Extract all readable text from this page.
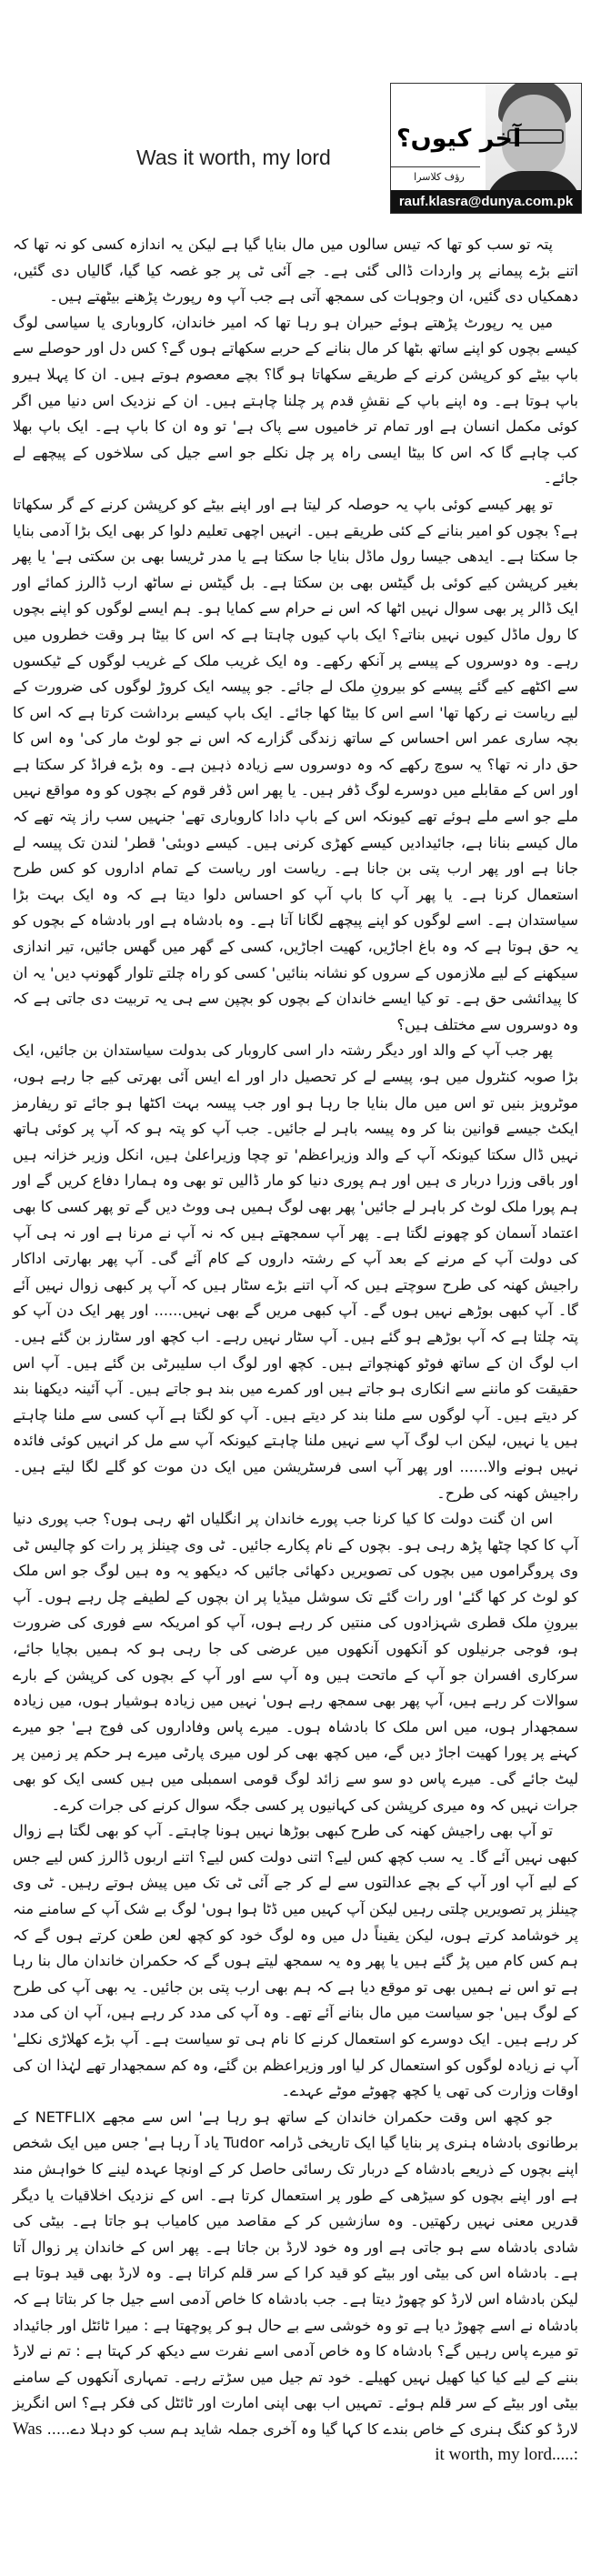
Was it worth, my lord
آخر کیوں؟
رؤف کلاسرا
rauf.klasra@dunya.com.pk

پتہ تو سب کو تھا کہ تیس سالوں میں مال بنایا گیا ہے لیکن یہ اندازہ کسی کو نہ تھا کہ اتنے بڑے پیمانے پر واردات ڈالی گئی ہے۔ جے آئی ٹی پر جو غصہ کیا گیا، گالیاں دی گئیں، دھمکیاں دی گئیں، ان وجوہات کی سمجھ آتی ہے جب آپ وہ رپورٹ پڑھنے بیٹھتے ہیں۔

میں یہ رپورٹ پڑھتے ہوئے حیران ہو رہا تھا کہ امیر خاندان، کاروباری یا سیاسی لوگ کیسے بچوں کو اپنے ساتھ بٹھا کر مال بنانے کے حربے سکھاتے ہوں گے؟ کس دل اور حوصلے سے باپ بیٹے کو کرپشن کرنے کے طریقے سکھاتا ہو گا؟ بچے معصوم ہوتے ہیں۔ ان کا پہلا ہیرو باپ ہوتا ہے۔ وہ اپنے باپ کے نقشِ قدم پر چلنا چاہتے ہیں۔ ان کے نزدیک اس دنیا میں اگر کوئی مکمل انسان ہے اور تمام تر خامیوں سے پاک ہے' تو وہ ان کا باپ ہے۔ ایک باپ بھلا کب چاہے گا کہ اس کا بیٹا ایسی راہ پر چل نکلے جو اسے جیل کی سلاخوں کے پیچھے لے جائے۔

تو پھر کیسے کوئی باپ یہ حوصلہ کر لیتا ہے اور اپنے بیٹے کو کرپشن کرنے کے گر سکھاتا ہے؟ بچوں کو امیر بنانے کے کئی طریقے ہیں۔ انہیں اچھی تعلیم دلوا کر بھی ایک بڑا آدمی بنایا جا سکتا ہے۔ ایدھی جیسا رول ماڈل بنایا جا سکتا ہے یا مدر ٹریسا بھی بن سکتی ہے' یا پھر بغیر کرپشن کیے کوئی بل گیٹس بھی بن سکتا ہے۔ بل گیٹس نے ساٹھ ارب ڈالرز کمائے اور ایک ڈالر پر بھی سوال نہیں اٹھا کہ اس نے حرام سے کمایا ہو۔ ہم ایسے لوگوں کو اپنے بچوں کا رول ماڈل کیوں نہیں بناتے؟ ایک باپ کیوں چاہتا ہے کہ اس کا بیٹا ہر وقت خطروں میں رہے۔ وہ دوسروں کے پیسے پر آنکھ رکھے۔ وہ ایک غریب ملک کے غریب لوگوں کے ٹیکسوں سے اکٹھے کیے گئے پیسے کو بیرونِ ملک لے جائے۔ جو پیسہ ایک کروڑ لوگوں کی ضرورت کے لیے ریاست نے رکھا تھا' اسے اس کا بیٹا کھا جائے۔ ایک باپ کیسے برداشت کرتا ہے کہ اس کا بچہ ساری عمر اس احساس کے ساتھ زندگی گزارے کہ اس نے جو لوٹ مار کی' وہ اس کا حق دار نہ تھا؟ یہ سوچ رکھے کہ وہ دوسروں سے زیادہ ذہین ہے۔ وہ بڑے فراڈ کر سکتا ہے اور اس کے مقابلے میں دوسرے لوگ ڈفر ہیں۔ یا پھر اس ڈفر قوم کے بچوں کو وہ مواقع نہیں ملے جو اسے ملے ہوئے تھے کیونکہ اس کے باپ دادا کاروباری تھے' جنہیں سب راز پتہ تھے کہ مال کیسے بنانا ہے، جائیدادیں کیسے کھڑی کرنی ہیں۔ کیسے دوبئی' قطر' لندن تک پیسہ لے جانا ہے اور پھر ارب پتی بن جانا ہے۔ ریاست اور ریاست کے تمام اداروں کو کس طرح استعمال کرنا ہے۔ یا پھر آپ کا باپ آپ کو احساس دلوا دیتا ہے کہ وہ ایک بہت بڑا سیاستدان ہے۔ اسے لوگوں کو اپنے پیچھے لگانا آتا ہے۔ وہ بادشاہ ہے اور بادشاہ کے بچوں کو یہ حق ہوتا ہے کہ وہ باغ اجاڑیں، کھیت اجاڑیں، کسی کے گھر میں گھس جائیں، تیر اندازی سیکھنے کے لیے ملازموں کے سروں کو نشانہ بنائیں' کسی کو راہ چلتے تلوار گھونپ دیں' یہ ان کا پیدائشی حق ہے۔ تو کیا ایسے خاندان کے بچوں کو بچپن سے ہی یہ تربیت دی جاتی ہے کہ وہ دوسروں سے مختلف ہیں؟

پھر جب آپ کے والد اور دیگر رشتہ دار اسی کاروبار کی بدولت سیاستدان بن جائیں، ایک بڑا صوبہ کنٹرول میں ہو، پیسے لے کر تحصیل دار اور اے ایس آئی بھرتی کیے جا رہے ہوں، موٹرویز بنیں تو اس میں مال بنایا جا رہا ہو اور جب پیسہ بہت اکٹھا ہو جائے تو ریفارمز ایکٹ جیسے قوانین بنا کر وہ پیسہ باہر لے جائیں۔ جب آپ کو پتہ ہو کہ آپ پر کوئی ہاتھ نہیں ڈال سکتا کیونکہ آپ کے والد وزیراعظم' تو چچا وزیراعلیٰ ہیں، انکل وزیر خزانہ ہیں اور باقی وزرا دربار ی ہیں اور ہم پوری دنیا کو مار ڈالیں تو بھی وہ ہمارا دفاع کریں گے اور ہم پورا ملک لوٹ کر باہر لے جائیں' پھر بھی لوگ ہمیں ہی ووٹ دیں گے تو پھر کسی کا بھی اعتماد آسمان کو چھونے لگتا ہے۔ پھر آپ سمجھتے ہیں کہ نہ آپ نے مرنا ہے اور نہ ہی آپ کی دولت آپ کے مرنے کے بعد آپ کے رشتہ داروں کے کام آئے گی۔ آپ پھر بھارتی اداکار راجیش کھنہ کی طرح سوچتے ہیں کہ آپ اتنے بڑے سٹار ہیں کہ آپ پر کبھی زوال نہیں آئے گا۔ آپ کبھی بوڑھے نہیں ہوں گے۔ آپ کبھی مریں گے بھی نہیں...... اور پھر ایک دن آپ کو پتہ چلتا ہے کہ آپ بوڑھے ہو گئے ہیں۔ آپ سٹار نہیں رہے۔ اب کچھ اور سٹارز بن گئے ہیں۔ اب لوگ ان کے ساتھ فوٹو کھنچواتے ہیں۔ کچھ اور لوگ اب سلیبرٹی بن گئے ہیں۔ آپ اس حقیقت کو ماننے سے انکاری ہو جاتے ہیں اور کمرے میں بند ہو جاتے ہیں۔ آپ آئینہ دیکھنا بند کر دیتے ہیں۔ آپ لوگوں سے ملنا بند کر دیتے ہیں۔ آپ کو لگتا ہے آپ کسی سے ملنا چاہتے ہیں یا نہیں، لیکن اب لوگ آپ سے نہیں ملنا چاہتے کیونکہ آپ سے مل کر انہیں کوئی فائدہ نہیں ہونے والا...... اور پھر آپ اسی فرسٹریشن میں ایک دن موت کو گلے لگا لیتے ہیں۔ راجیش کھنہ کی طرح۔

اس ان گنت دولت کا کیا کرنا جب پورے خاندان پر انگلیاں اٹھ رہی ہوں؟ جب پوری دنیا آپ کا کچا چٹھا پڑھ رہی ہو۔ بچوں کے نام پکارے جائیں۔ ٹی وی چینلز پر رات کو چالیس ٹی وی پروگراموں میں بچوں کی تصویریں دکھائی جائیں کہ دیکھو یہ وہ ہیں لوگ جو اس ملک کو لوٹ کر کھا گئے' اور رات گئے تک سوشل میڈیا پر ان بچوں کے لطیفے چل رہے ہوں۔ آپ بیرونِ ملک قطری شہزادوں کی منتیں کر رہے ہوں، آپ کو امریکہ سے فوری کی ضرورت ہو، فوجی جرنیلوں کو آنکھوں آنکھوں میں عرضی کی جا رہی ہو کہ ہمیں بچایا جائے، سرکاری افسران جو آپ کے ماتحت ہیں وہ آپ سے اور آپ کے بچوں کی کرپشن کے بارے سوالات کر رہے ہیں، آپ پھر بھی سمجھ رہے ہوں' نہیں میں زیادہ ہوشیار ہوں، میں زیادہ سمجھدار ہوں، میں اس ملک کا بادشاہ ہوں۔ میرے پاس وفاداروں کی فوج ہے' جو میرے کہنے پر پورا کھیت اجاڑ دیں گے، میں کچھ بھی کر لوں میری پارٹی میرے ہر حکم پر زمین پر لیٹ جائے گی۔ میرے پاس دو سو سے زائد لوگ قومی اسمبلی میں ہیں کسی ایک کو بھی جرات نہیں کہ وہ میری کرپشن کی کہانیوں پر کسی جگہ سوال کرنے کی جرات کرے۔

تو آپ بھی راجیش کھنہ کی طرح کبھی بوڑھا نہیں ہونا چاہتے۔ آپ کو بھی لگتا ہے زوال کبھی نہیں آئے گا۔ یہ سب کچھ کس لیے؟ اتنی دولت کس لیے؟ اتنے اربوں ڈالرز کس لیے جس کے لیے آپ اور آپ کے بچے عدالتوں سے لے کر جے آئی ٹی تک میں پیش ہوتے رہیں۔ ٹی وی چینلز پر تصویریں چلتی رہیں لیکن آپ کہیں میں ڈٹا ہوا ہوں' لوگ بے شک آپ کے سامنے منہ پر خوشامد کرتے ہوں، لیکن یقیناً دل میں وہ لوگ خود کو کچھ لعن طعن کرتے ہوں گے کہ ہم کس کام میں پڑ گئے ہیں یا پھر وہ یہ سمجھ لیتے ہوں گے کہ حکمران خاندان مال بنا رہا ہے تو اس نے ہمیں بھی تو موقع دیا ہے کہ ہم بھی ارب پتی بن جائیں۔ یہ بھی آپ کی طرح کے لوگ ہیں' جو سیاست میں مال بنانے آئے تھے۔ وہ آپ کی مدد کر رہے ہیں، آپ ان کی مدد کر رہے ہیں۔ ایک دوسرے کو استعمال کرنے کا نام ہی تو سیاست ہے۔ آپ بڑے کھلاڑی نکلے' آپ نے زیادہ لوگوں کو استعمال کر لیا اور وزیراعظم بن گئے، وہ کم سمجھدار تھے لہٰذا ان کی اوقات وزارت کی تھی یا کچھ چھوٹے موٹے عہدے۔

جو کچھ اس وقت حکمران خاندان کے ساتھ ہو رہا ہے' اس سے مجھے NETFLIX کے برطانوی بادشاہ ہنری پر بنایا گیا ایک تاریخی ڈرامہ Tudor یاد آ رہا ہے' جس میں ایک شخص اپنے بچوں کے ذریعے بادشاہ کے دربار تک رسائی حاصل کر کے اونچا عہدہ لینے کا خواہش مند ہے اور اپنے بچوں کو سیڑھی کے طور پر استعمال کرتا ہے۔ اس کے نزدیک اخلاقیات یا دیگر قدریں معنی نہیں رکھتیں۔ وہ سازشیں کر کے مقاصد میں کامیاب ہو جاتا ہے۔ بیٹی کی شادی بادشاہ سے ہو جاتی ہے اور وہ خود لارڈ بن جاتا ہے۔ پھر اس کے خاندان پر زوال آتا ہے۔ بادشاہ اس کی بیٹی اور بیٹے کو قید کرا کے سر قلم کراتا ہے۔ وہ لارڈ بھی قید ہوتا ہے لیکن بادشاہ اس لارڈ کو چھوڑ دیتا ہے۔ جب بادشاہ کا خاص آدمی اسے جیل جا کر بتاتا ہے کہ بادشاہ نے اسے چھوڑ دیا ہے تو وہ خوشی سے بے حال ہو کر پوچھتا ہے : میرا ٹائٹل اور جائیداد تو میرے پاس رہیں گے؟ بادشاہ کا وہ خاص آدمی اسے نفرت سے دیکھ کر کہتا ہے : تم نے لارڈ بننے کے لیے کیا کیا کھیل نہیں کھیلے۔ خود تم جیل میں سڑتے رہے۔ تمہاری آنکھوں کے سامنے بیٹی اور بیٹے کے سر قلم ہوئے۔ تمہیں اب بھی اپنی امارت اور ٹائٹل کی فکر ہے؟ اس انگریز لارڈ کو کنگ ہنری کے خاص بندے کا کہا گیا وہ آخری جملہ شاید ہم سب کو دہلا دے..... Was it worth, my lord.....:
